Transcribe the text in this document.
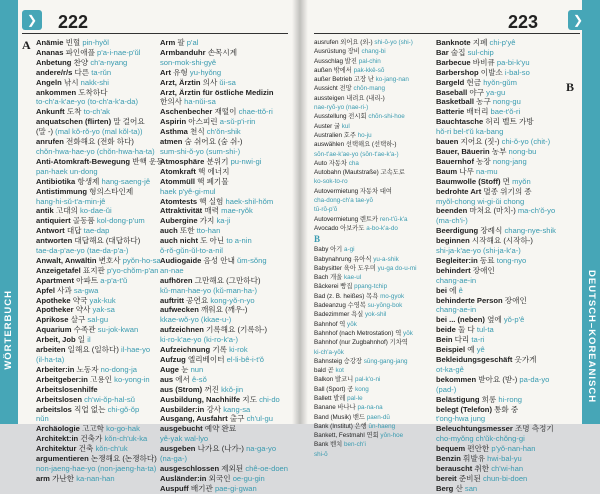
WÖRTERBUCH
❯ 222
A Anämie 빈혈 pin-hyŏl
Ananas 파인애플 p'a-i-nae-p'ŭl
Anbetung 찬양 ch'a-nyang
andere/r/s 다른 ta-rŭn
Angeln 낚시 nakk-shi
ankommen 도착하다
to-ch'a-k'ae-yo (to-ch'a-k'a-da)
Ankunft 도착 to-ch'ak
anquatschen (flirten) 말 걸어요
(말 -) (mal kŏ-rŏ-yo (mal kŏl-ta))
anrufen 전화해요 (전화 하다)
chŏn-hwa-hae-yo (chŏn-hwa-ha-ta)
Anti-Atomkraft-Bewegung 반핵 운동
pan-haek un-dong
Antibiotika 항생제 hang-saeng-jê
Antistimmung 형의스타인제
hang-hi-sŭ-t'a-min-jê
antik 고대의 ko-dae-ŭi
antiquiert 골동품 kol-dong-p'um
Antwort 대답 tae-dap
antworten 대답해요 (대답하다)
tae-da-p'ae-yo (tae-da-p'a-)
Anwalt, Anwältin 변호사 pyŏn-ho-sa
Anzeigetafel 표지판 p'yo-chŏm-p'an
Apartment 아파트 a-p'a-t'ŭ
Apfel 사과 sa-gwa
Apotheke 약국 yak-kuk
Apotheker 약사 yak-sa
Aprikose 살구 sal-gu
Aquarium 수족관 su-jok-kwan
Arbeit, Job 일 il
arbeiten 일해요 (일하다) il-hae-yo
(il-ha-ta)
Arbeiter:in 노동자 no-dong-ja
Arbeitgeber:in 고용인 ko-yong-in
Arbeitslosenhilfe
Arbeitslosen ch'wi-ŏp-hal-sŭ
arbeitslos 직업 없는 chi-gŏ-ŏp
nŭn
Archäologie 고고학 ko-go-hak
Architekt:in 건축가 kŏn-ch'uk-ka
Architektur 건축 kŏn-ch'uk
argumentieren 논쟁해요 (논쟁하다)
non-jaeng-hae-yo (non-jaeng-ha-ta)
arm 가난한 ka-nan-han
Arm 팔 p'al
Armbanduhr 손목시계
son-mok-shi-gyê
Art 유형 yu-hyŏng
Arzt, Ärztin 의사 ŭi-sa
Arzt, Ärztin für östliche Medizin
한의사 ha-nŭi-sa
Aschenbecher 재떨이 chae-ttŏ-ri
Aspirin 아스피린 a-sŭ-p'i-rin
Asthma 천식 ch'ŏn-shik
atmen 숨 쉬어요 (숨 쉬-)
sum-shi-ŏ-yo (sum-shi-)
Atmosphäre 분위기 pu-nwi-gi
Atomkraft 핵 에너지
Atommüll 핵 폐기물
haek p'yê-gi-mul
Atomtests 핵 실험 haek-shil-hŏm
Attraktivität 매력 mae-ryŏk
Aubergine 가지 ka-ji
auch 또한 tto-han
auch nicht 도 아닌 to a-nin
ŏ-rŏ-gŭn-ŭl-to-a-nil
Audiogaide 음성 안내 ŭm-sŏng
an-nae
aufhören 그만해요 (그만하다)
kŭ-man-hae-yo (kŭ-man-ha-)
auftritt 공연요 kong-yŏ-n-yo
aufwecken 깨워요 (깨우-)
kkae-wŏ-yo (kkae-u-)
aufzeichnen 기록해요 (기록하-)
ki-ro-k'ae-yo (ki-ro-k'a-)
Aufzeichnung 기록 ki-rok
Aufzug 엘리베이터 el-li-bê-i-t'ŏ
Auge 눈 nun
aus 에서 ê-sŏ
aus (Strom) 꺼진 kkŏ-jin
Ausbildung, Nachhilfe 지도 chi-do
Ausbilder:in 강사 kang-sa
Ausgang, Ausfahrt 출구 ch'ul-gu
ausgebucht 예약 완료
yê-yak wal-lyo
ausgeben 나가요 (나가-) na-ga-yo
(na-ga-)
ausgeschlossen 제외된 chê-oe-doen
Ausländer:in 외국인 oe-gu-gin
Auspuff 배기관 pae-gi-gwan
DEUTSCH–KOREANISCH
❯
223
B
ausrufen 외어요 (외-) shi-ŏ-yo (shi-)
Ausrüstung 장비 chang-bi
Ausschlag 발진 pal-chin
außen 밖에서 pak-kkê-sŏ
außer Betrieb 고장 난 ko-jang-nan
Aussicht 전망 chŏn-mang
aussteigen 내려요 (내리-)
nae-ryŏ-yo (nae-ri-)
Ausstellung 전시회 chŏn-shi-hoe
Auster 굴 kul
Australien 호주 ho-ju
auswählen 선택해요 (선택하-)
sŏn-t'ae-k'ae-yo (sŏn-t'ae-k'a-)
Auto 자동차 cha
Autobahn (Mautstraße) 고속도로
ko-sok-to-ro
Autovermietung 자동차 대여
cha-dong-ch'a tae-yŏ
tŭ-rŏ-p'ŏ
Autovermietung 렌트카 ren-t'ŭ-k'a
Avocado 아보카도 a-bo-k'a-do
B
Baby 아기 a-gi
Babynahrung 유아식 yu-a-shik
Babysitter 육아 도우미 yu-ga do-u-mi
Bach 개울 kae-ul
Bäckerei 빵집 ppang-tchip
Bad (z. B. heißes) 목욕 mo-gyok
Badeanzug 수영복 su-yŏng-bok
Badezimmer 욕실 yok-shil
Bahnhof 역 yŏk
Bahnhof (nach Metrostation) 역 yŏk
Bahnhof (nur Zugbahnhof) 기차역
ki-ch'a-yŏk
Bahnsteig 승강장 sŭng-gang-jang
bald 곧 kot
Balkon 발코니 pal-k'o-ni
Ball (Sport) 공 kong
Ballett 발레 pal-le
Banane 바나나 pa-na-na
Band (Musik) 밴드 paen-dŭ
Bank (Institut) 은행 ŭn-haeng
Bankett, Festmahl 연회 yŏn-hoe
Bank 벤치 ben-ch'i
shi-ŏ
Banknote 지폐 chi-p'yê
Bar 술집 sul-chip
Barbecue 바비큐 pa-bi-k'yu
Barbershop 이발소 i-bal-so
Bargeld 현금 hyŏn-gŭm
Baseball 야구 ya-gu
Basketball 농구 nong-gu
Batterie 배터리 bae-t'ŏ-ri
Bauchtasche 허리 벨트 가방
hŏ-ri bel-t'ŭ ka-bang
bauen 지어요 (짓-) chi-ŏ-yo (chit-)
Bauer, Bäuerin 농부 nong-bu
Bauernhof 농장 nong-jang
Baum 나무 na-mu
Baumwolle (Stoff) 면 myŏn
bedrohte Art 멸종 위기의 종
myŏl-chong wi-gi-ŭi chong
beenden 마쳐요 (마치-) ma-ch'ŏ-yo
(ma-ch'i-)
Beerdigung 장례식 chang-nye-shik
beginnen 시작해요 (시작하-)
shi-ja-k'ae-yo (shi-ja-k'a-)
Begleiter:in 동료 tong-nyo
behindert 장애인
chang-ae-in
bei 에 ê
behinderte Person 장애인
chang-ae-in
bei ... (neben) 옆에 yŏ-p'ê
beide 둘 다 tul-ta
Bein 다리 ta-ri
Beispiel 예 yê
Bekleidungsgeschäft 옷가게
ot-ka-gê
bekommen 받아요 (받-) pa-da-yo
(pad-)
Belästigung 희롱 hi-rong
belegt (Telefon) 통화 중
t'ong-hwa jung
Beleuchtungsmesser 조명 측정기
cho-myŏng ch'ŭk-chŏng-gi
bequem 편안한 p'yŏ-nan-han
Benzin 휘발유 hwi-bal-yu
berauscht 취한 ch'wi-han
bereit 준비된 chun-bi-doen
Berg 산 san
